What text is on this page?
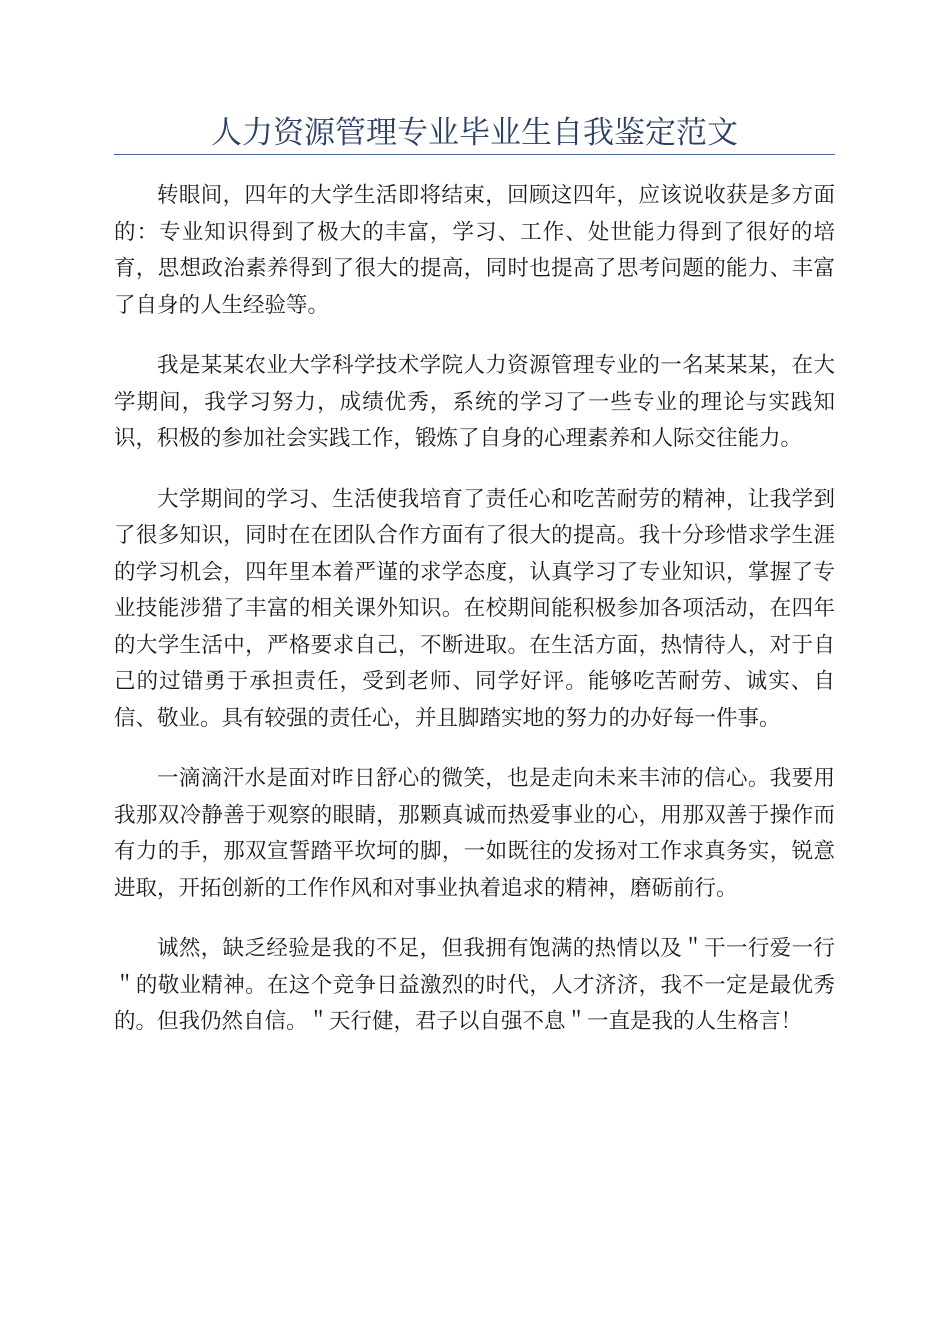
人力资源管理专业毕业生自我鉴定范文

转眼间，四年的大学生活即将结束，回顾这四年，应该说收获是多方面的：专业知识得到了极大的丰富，学习、工作、处世能力得到了很好的培育，思想政治素养得到了很大的提高，同时也提高了思考问题的能力、丰富了自身的人生经验等。

我是某某农业大学科学技术学院人力资源管理专业的一名某某某，在大学期间，我学习努力，成绩优秀，系统的学习了一些专业的理论与实践知识，积极的参加社会实践工作，锻炼了自身的心理素养和人际交往能力。

大学期间的学习、生活使我培育了责任心和吃苦耐劳的精神，让我学到了很多知识，同时在在团队合作方面有了很大的提高。我十分珍惜求学生涯的学习机会，四年里本着严谨的求学态度，认真学习了专业知识，掌握了专业技能涉猎了丰富的相关课外知识。在校期间能积极参加各项活动，在四年的大学生活中，严格要求自己，不断进取。在生活方面，热情待人，对于自己的过错勇于承担责任，受到老师、同学好评。能够吃苦耐劳、诚实、自信、敬业。具有较强的责任心，并且脚踏实地的努力的办好每一件事。

一滴滴汗水是面对昨日舒心的微笑，也是走向未来丰沛的信心。我要用我那双冷静善于观察的眼睛，那颗真诚而热爱事业的心，用那双善于操作而有力的手，那双宣誓踏平坎坷的脚，一如既往的发扬对工作求真务实，锐意进取，开拓创新的工作作风和对事业执着追求的精神，磨砺前行。

诚然，缺乏经验是我的不足，但我拥有饱满的热情以及＂干一行爱一行＂的敬业精神。在这个竞争日益激烈的时代，人才济济，我不一定是最优秀的。但我仍然自信。＂天行健，君子以自强不息＂一直是我的人生格言！
